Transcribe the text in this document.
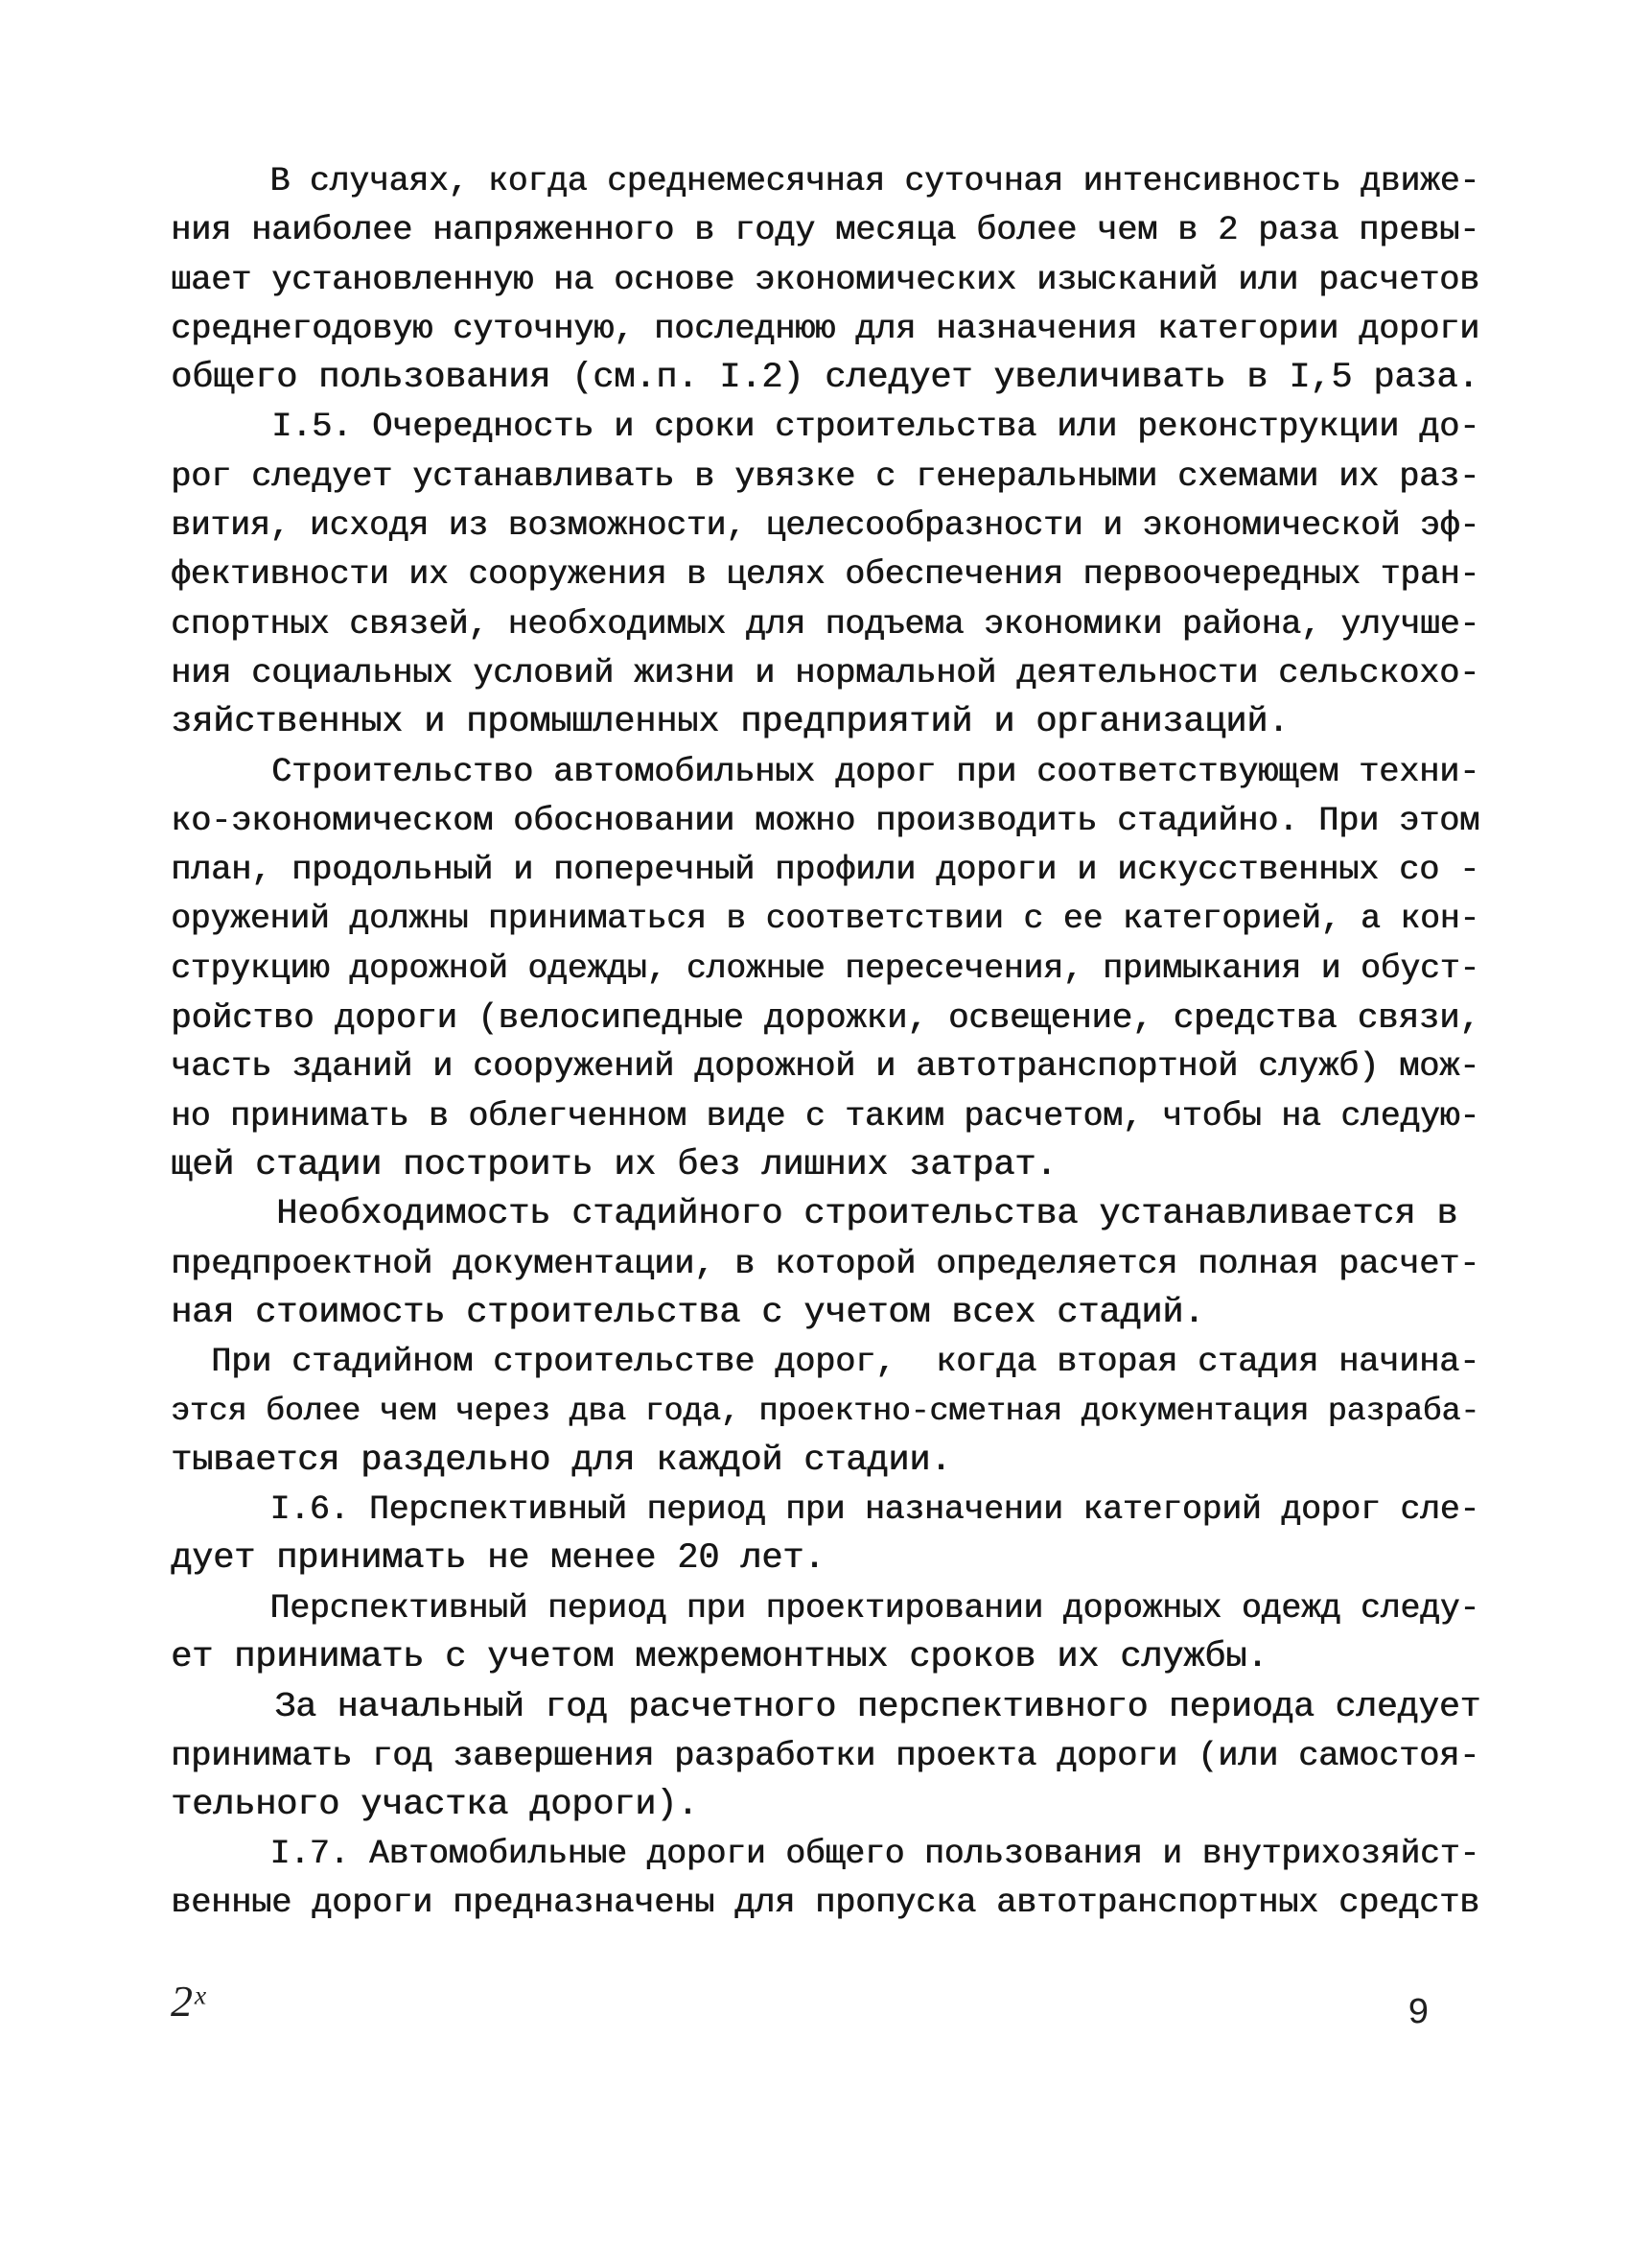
В случаях, когда среднемесячная суточная интенсивность движе-
ния наиболее напряженного в году месяца более чем в 2 раза превы-
шает установленную на основе экономических изысканий или расчетов
среднегодовую суточную, последнюю для назначения категории дороги
общего пользования (см.п. I.2) следует увеличивать в I,5 раза.
I.5. Очередность и сроки строительства или реконструкции до-
рог следует устанавливать в увязке с генеральными схемами их раз-
вития, исходя из возможности, целесообразности и экономической эф-
фективности их сооружения в целях обеспечения первоочередных тран-
спортных связей, необходимых для подъема экономики района, улучше-
ния социальных условий жизни и нормальной деятельности сельскохо-
зяйственных и промышленных предприятий и организаций.
Строительство автомобильных дорог при соответствующем техни-
ко-экономическом обосновании можно производить стадийно. При этом
план, продольный и поперечный профили дороги и искусственных со -
оружений должны приниматься в соответствии с ее категорией, а кон-
струкцию дорожной одежды, сложные пересечения, примыкания и обуст-
ройство дороги (велосипедные дорожки, освещение, средства связи,
часть зданий и сооружений дорожной и автотранспортной служб) мож-
но принимать в облегченном виде с таким расчетом, чтобы на следую-
щей стадии построить их без лишних затрат.
Необходимость стадийного строительства устанавливается в
предпроектной документации, в которой определяется полная расчет-
ная стоимость строительства с учетом всех стадий.
При стадийном строительстве дорог,  когда вторая стадия начина-
этся более чем через два года, проектно-сметная документация разраба-
тывается раздельно для каждой стадии.
I.6. Перспективный период при назначении категорий дорог сле-
дует принимать не менее 20 лет.
Перспективный период при проектировании дорожных одежд следу-
ет принимать с учетом межремонтных сроков их службы.
За начальный год расчетного перспективного периода следует
принимать год завершения разработки проекта дороги (или самостоя-
тельного участка дороги).
I.7. Автомобильные дороги общего пользования и внутрихозяйст-
венные дороги предназначены для пропуска автотранспортных средств
2ˣ	9
